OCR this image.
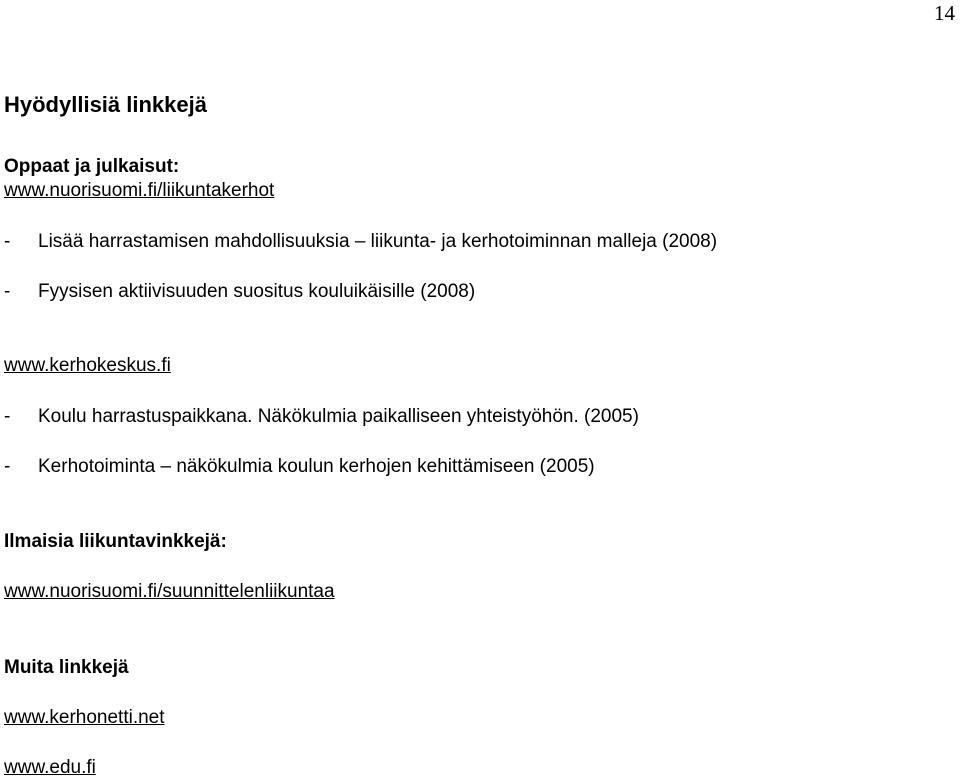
14
Hyödyllisiä linkkejä
Oppaat ja julkaisut:
www.nuorisuomi.fi/liikuntakerhot
-	Lisää harrastamisen mahdollisuuksia – liikunta- ja kerhotoiminnan malleja (2008)
-	Fyysisen aktiivisuuden suositus kouluikäisille (2008)
www.kerhokeskus.fi
-	Koulu harrastuspaikkana. Näkökulmia paikalliseen yhteistyöhön. (2005)
-	Kerhotoiminta – näkökulmia koulun kerhojen kehittämiseen (2005)
Ilmaisia liikuntavinkkejä:
www.nuorisuomi.fi/suunnittelenliikuntaa
Muita linkkejä
www.kerhonetti.net
www.edu.fi
